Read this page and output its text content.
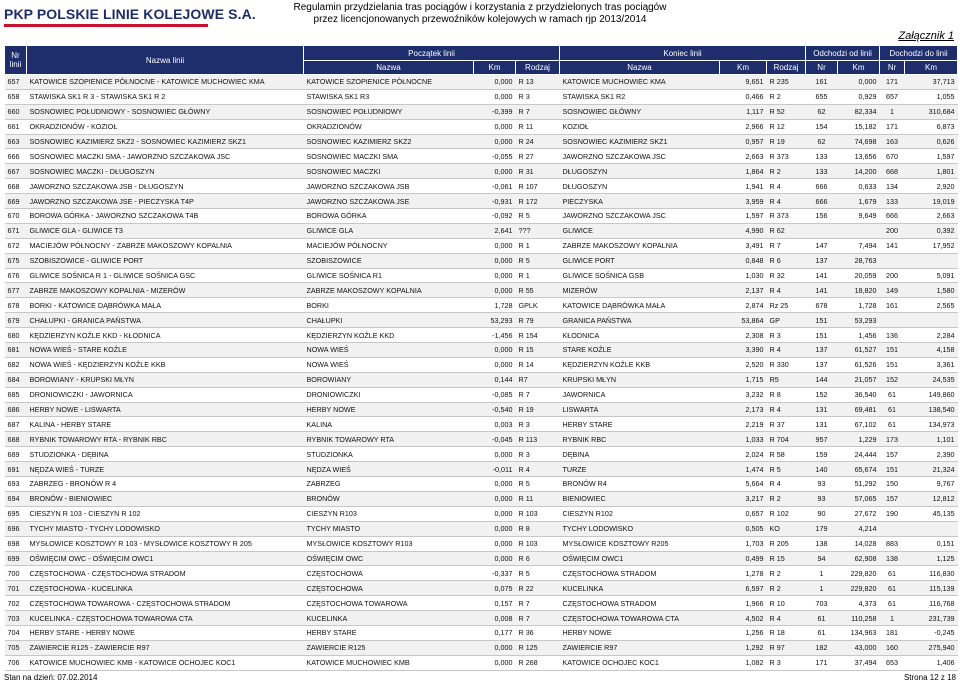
PKP POLSKIE LINIE KOLEJOWE S.A.	Regulamin przydzielania tras pociągów i korzystania z przydzielonych tras pociągów
przez licencjonowanych przewoźników kolejowych w ramach rjp 2013/2014
Załącznik 1
Nr linii	Nazwa linii	Początek linii			Koniec linii			Odchodzi od linii		Dochodzi do linii	
		Nazwa	Km	Rodzaj	Nazwa	Km	Rodzaj	Nr	Km	Nr	Km
657	KATOWICE SZOPIENICE PÓŁNOCNE - KATOWICE MUCHOWIEC KMA	KATOWICE SZOPIENICE PÓŁNOCNE	0,000	R 13	KATOWICE MUCHOWIEC KMA	9,651	R 235	161	0,000	171	37,713
658	STAWISKA SK1 R 3 - STAWISKA SK1 R 2	STAWISKA SK1 R3	0,000	R 3	STAWISKA SK1 R2	0,466	R 2	655	0,929	657	1,055
660	SOSNOWIEC POŁUDNIOWY - SOSNOWIEC GŁÓWNY	SOSNOWIEC POŁUDNIOWY	-0,399	R 7	SOSNOWIEC GŁÓWNY	1,117	R 52	62	82,334	1	310,684
661	OKRADZIONÓW - KOZIOŁ	OKRADZIONÓW	0,000	R 11	KOZIOŁ	2,966	R 12	154	15,182	171	6,873
663	SOSNOWIEC KAZIMIERZ SKZ2 - SOSNOWIEC KAZIMIERZ SKZ1	SOSNOWIEC KAZIMIERZ SKZ2	0,000	R 24	SOSNOWIEC KAZIMIERZ SKZ1	0,957	R 19	62	74,698	163	0,626
666	SOSNOWIEC MACZKI SMA - JAWORZNO SZCZAKOWA JSC	SOSNOWIEC MACZKI SMA	-0,055	R 27	JAWORZNO SZCZAKOWA JSC	2,663	R 373	133	13,656	670	1,597
667	SOSNOWIEC MACZKI - DŁUGOSZYN	SOSNOWIEC MACZKI	0,000	R 31	DŁUGOSZYN	1,864	R 2	133	14,200	668	1,801
668	JAWORZNO SZCZAKOWA JSB - DŁUGOSZYN	JAWORZNO SZCZAKOWA JSB	-0,061	R 107	DŁUGOSZYN	1,941	R 4	666	0,633	134	2,920
669	JAWORZNO SZCZAKOWA JSE - PIECZYSKA T4P	JAWORZNO SZCZAKOWA JSE	-0,931	R 172	PIECZYSKA	3,959	R 4	666	1,679	133	19,019
670	BOROWA GÓRKA - JAWORZNO SZCZAKOWA T4B	BOROWA GÓRKA	-0,092	R 5	JAWORZNO SZCZAKOWA JSC	1,597	R 373	156	9,649	666	2,663
671	GLIWICE GLA - GLIWICE T3	GLIWICE GLA	2,641	???	GLIWICE	4,990	R 62			200	0,392
672	MACIEJÓW PÓŁNOCNY - ZABRZE MAKOSZOWY KOPALNIA	MACIEJÓW PÓŁNOCNY	0,000	R 1	ZABRZE MAKOSZOWY KOPALNIA	3,491	R 7	147	7,494	141	17,952
675	SZOBISZOWICE - GLIWICE PORT	SZOBISZOWICE	0,000	R 5	GLIWICE PORT	0,848	R 6	137	28,763		
676	GLIWICE SOŚNICA R 1 - GLIWICE SOŚNICA GSC	GLIWICE SOŚNICA R1	0,000	R 1	GLIWICE SOŚNICA GSB	1,030	R 32	141	20,059	200	5,091
677	ZABRZE MAKOSZOWY KOPALNIA - MIZERÓW	ZABRZE MAKOSZOWY KOPALNIA	0,000	R 55	MIZERÓW	2,137	R 4	141	18,820	149	1,580
678	BORKI - KATOWICE DĄBRÓWKA MAŁA	BORKI	1,728	GPLK	KATOWICE DĄBRÓWKA MAŁA	2,874	Rz 25	678	1,728	161	2,565
679	CHAŁUPKI - GRANICA PAŃSTWA	CHAŁUPKI	53,293	R 79	GRANICA PAŃSTWA	53,864	GP	151	53,293		
680	KĘDZIERZYN KOŹLE KKD - KŁODNICA	KĘDZIERZYN KOŹLE KKD	-1,456	R 154	KŁODNICA	2,308	R 3	151	1,456	136	2,284
681	NOWA WIEŚ - STARE KOŹLE	NOWA WIEŚ	0,000	R 15	STARE KOŹLE	3,390	R 4	137	61,527	151	4,158
682	NOWA WIEŚ - KĘDZIERZYN KOŹLE KKB	NOWA WIEŚ	0,000	R 14	KĘDZIERZYN KOŹLE KKB	2,520	R 330	137	61,526	151	3,361
684	BOROWIANY - KRUPSKI MŁYN	BOROWIANY	0,144	R7	KRUPSKI MŁYN	1,715	R5	144	21,057	152	24,535
685	DRONIOWICZKI - JAWORNICA	DRONIOWICZKI	-0,085	R 7	JAWORNICA	3,232	R 8	152	36,540	61	149,860
686	HERBY NOWE - LISWARTA	HERBY NOWE	-0,540	R 19	LISWARTA	2,173	R 4	131	69,481	61	138,540
687	KALINA - HERBY STARE	KALINA	0,003	R 3	HERBY STARE	2,219	R 37	131	67,102	61	134,973
688	RYBNIK TOWAROWY RTA - RYBNIK RBC	RYBNIK TOWAROWY RTA	-0,045	R 113	RYBNIK RBC	1,033	R 704	957	1,229	173	1,101
689	STUDZIONKA - DĘBINA	STUDZIONKA	0,000	R 3	DĘBINA	2,024	R 58	159	24,444	157	2,390
691	NĘDZA WIEŚ - TURZE	NĘDZA WIEŚ	-0,011	R 4	TURZE	1,474	R 5	140	65,674	151	21,324
693	ZABRZEG - BRONÓW R 4	ZABRZEG	0,000	R 5	BRONÓW R4	5,664	R 4	93	51,292	150	9,767
694	BRONÓW - BIENIOWIEC	BRONÓW	0,000	R 11	BIENIOWIEC	3,217	R 2	93	57,065	157	12,812
695	CIESZYN R 103 - CIESZYN R 102	CIESZYN R103	0,000	R 103	CIESZYN R102	0,657	R 102	90	27,672	190	45,135
696	TYCHY MIASTO - TYCHY LODOWISKO	TYCHY MIASTO	0,000	R 8	TYCHY LODOWISKO	0,505	KO	179	4,214		
698	MYSŁOWICE KOSZTOWY R 103 - MYSŁOWICE KOSZTOWY R 205	MYSŁOWICE KOSZTOWY R103	0,000	R 103	MYSŁOWICE KOSZTOWY R205	1,703	R 205	138	14,028	883	0,151
699	OŚWIĘCIM OWC - OŚWIĘCIM OWC1	OŚWIĘCIM OWC	0,000	R 6	OŚWIĘCIM OWC1	0,499	R 15	94	62,908	138	1,125
700	CZĘSTOCHOWA - CZĘSTOCHOWA STRADOM	CZĘSTOCHOWA	-0,337	R 5	CZĘSTOCHOWA STRADOM	1,278	R 2	1	229,820	61	116,830
701	CZĘSTOCHOWA - KUCELINKA	CZĘSTOCHOWA	0,075	R 22	KUCELINKA	6,597	R 2	1	229,820	61	115,139
702	CZĘSTOCHOWA TOWAROWA - CZĘSTOCHOWA STRADOM	CZĘSTOCHOWA TOWAROWA	0,157	R 7	CZĘSTOCHOWA STRADOM	1,966	R 10	703	4,373	61	116,768
703	KUCELINKA - CZĘSTOCHOWA TOWAROWA CTA	KUCELINKA	0,008	R 7	CZĘSTOCHOWA TOWAROWA CTA	4,502	R 4	61	110,258	1	231,739
704	HERBY STARE - HERBY NOWE	HERBY STARE	0,177	R 36	HERBY NOWE	1,256	R 18	61	134,963	181	-0,245
705	ZAWIERCIE R125 - ZAWIERCIE R97	ZAWIERCIE R125	0,000	R 125	ZAWIERCIE R97	1,292	R 97	182	43,000	160	275,940
706	KATOWICE MUCHOWIEC KMB - KATOWICE OCHOJEC KOC1	KATOWICE MUCHOWIEC KMB	0,000	R 268	KATOWICE OCHOJEC KOC1	1,082	R 3	171	37,494	653	1,406
Stan na dzień: 07.02.2014	Strona 12 z 18
